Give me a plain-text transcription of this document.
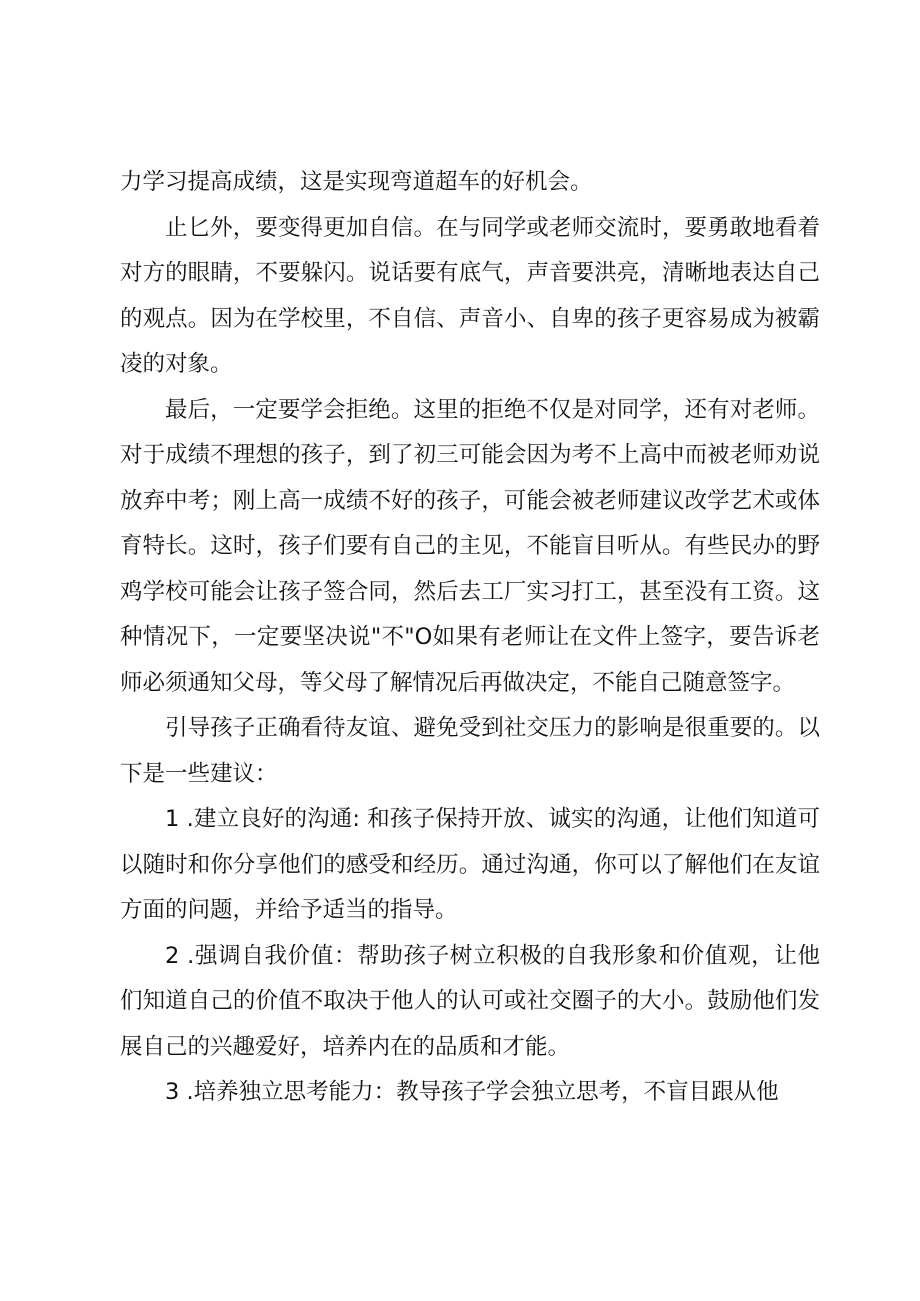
力学习提高成绩，这是实现弯道超车的好机会。

止匕外，要变得更加自信。在与同学或老师交流时，要勇敢地看着对方的眼睛，不要躲闪。说话要有底气，声音要洪亮，清晰地表达自己的观点。因为在学校里，不自信、声音小、自卑的孩子更容易成为被霸凌的对象。

最后，一定要学会拒绝。这里的拒绝不仅是对同学，还有对老师。对于成绩不理想的孩子，到了初三可能会因为考不上高中而被老师劝说放弃中考；刚上高一成绩不好的孩子，可能会被老师建议改学艺术或体育特长。这时，孩子们要有自己的主见，不能盲目听从。有些民办的野鸡学校可能会让孩子签合同，然后去工厂实习打工，甚至没有工资。这种情况下，一定要坚决说"不"O如果有老师让在文件上签字，要告诉老师必须通知父母，等父母了解情况后再做决定，不能自己随意签字。

引导孩子正确看待友谊、避免受到社交压力的影响是很重要的。以下是一些建议：

1 .建立良好的沟通: 和孩子保持开放、诚实的沟通，让他们知道可以随时和你分享他们的感受和经历。通过沟通，你可以了解他们在友谊方面的问题，并给予适当的指导。

2 .强调自我价值：帮助孩子树立积极的自我形象和价值观，让他们知道自己的价值不取决于他人的认可或社交圈子的大小。鼓励他们发展自己的兴趣爱好，培养内在的品质和才能。

3 .培养独立思考能力：教导孩子学会独立思考，不盲目跟从他
